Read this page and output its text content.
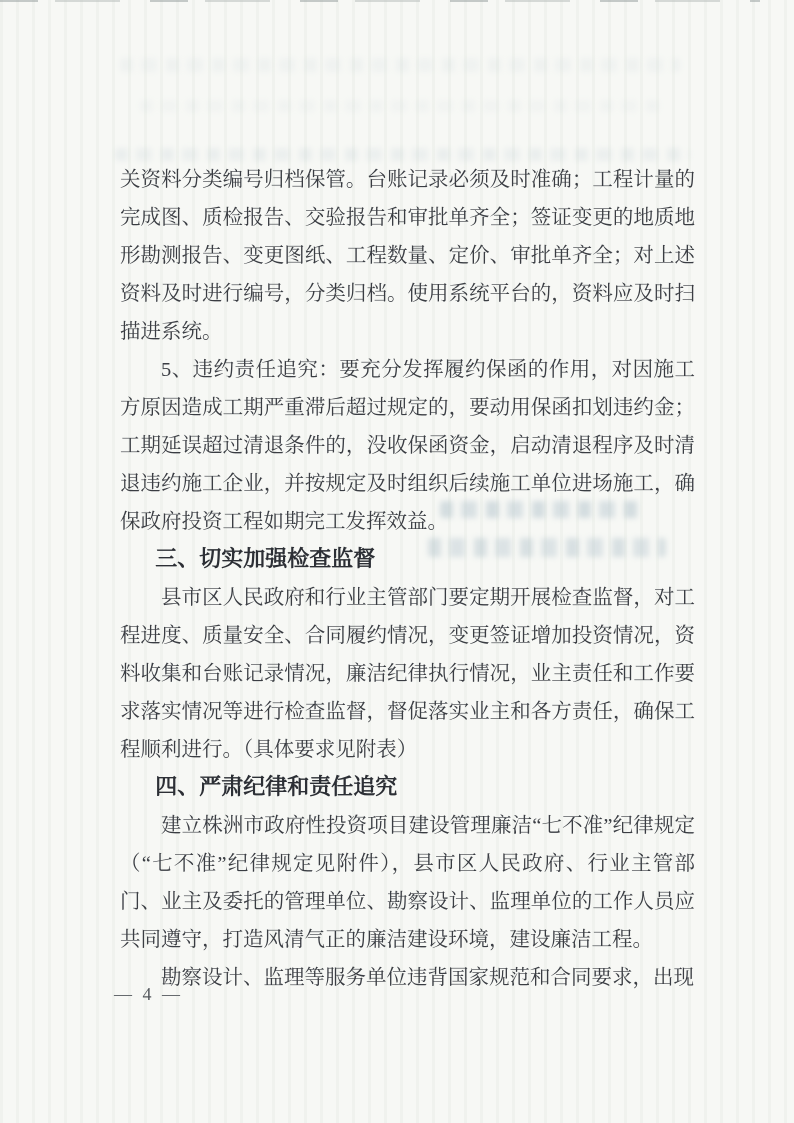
关资料分类编号归档保管。台账记录必须及时准确；工程计量的完成图、质检报告、交验报告和审批单齐全；签证变更的地质地形勘测报告、变更图纸、工程数量、定价、审批单齐全；对上述资料及时进行编号，分类归档。使用系统平台的，资料应及时扫描进系统。

5、违约责任追究：要充分发挥履约保函的作用，对因施工方原因造成工期严重滞后超过规定的，要动用保函扣划违约金；工期延误超过清退条件的，没收保函资金，启动清退程序及时清退违约施工企业，并按规定及时组织后续施工单位进场施工，确保政府投资工程如期完工发挥效益。

三、切实加强检查监督

县市区人民政府和行业主管部门要定期开展检查监督，对工程进度、质量安全、合同履约情况，变更签证增加投资情况，资料收集和台账记录情况，廉洁纪律执行情况，业主责任和工作要求落实情况等进行检查监督，督促落实业主和各方责任，确保工程顺利进行。（具体要求见附表）

四、严肃纪律和责任追究

建立株洲市政府性投资项目建设管理廉洁“七不准”纪律规定（“七不准”纪律规定见附件），县市区人民政府、行业主管部门、业主及委托的管理单位、勘察设计、监理单位的工作人员应共同遵守，打造风清气正的廉洁建设环境，建设廉洁工程。

勘察设计、监理等服务单位违背国家规范和合同要求，出现

— 4 —
